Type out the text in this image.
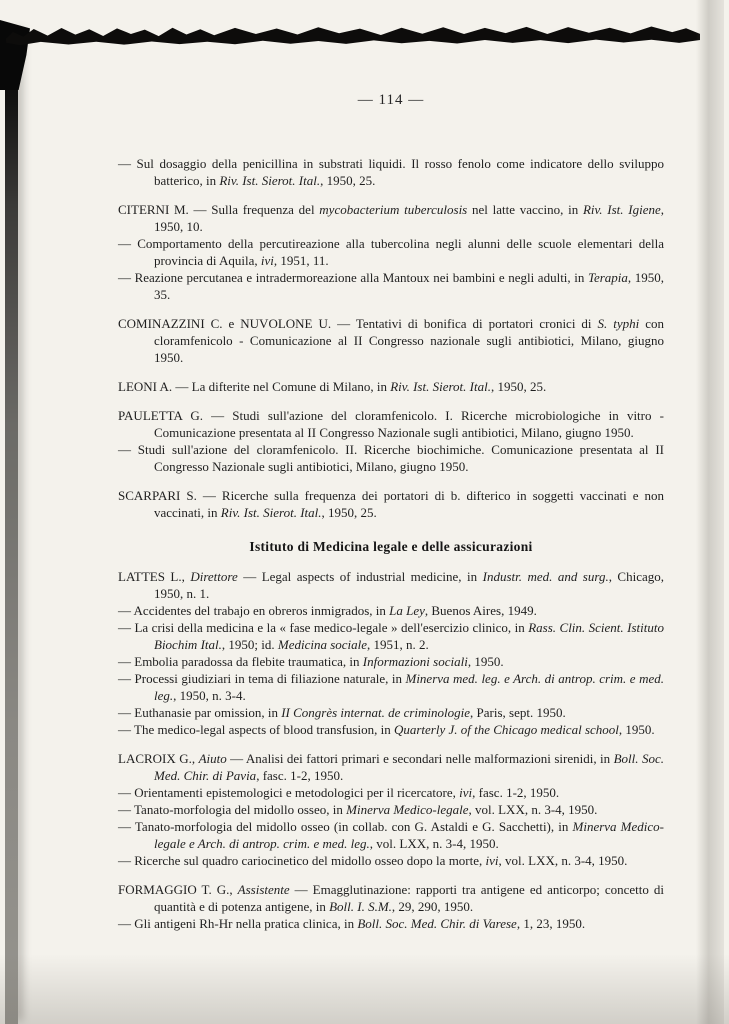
— 114 —

— Sul dosaggio della penicillina in substrati liquidi. Il rosso fenolo come indicatore dello sviluppo batterico, in Riv. Ist. Sierot. Ital., 1950, 25.

CITERNI M. — Sulla frequenza del mycobacterium tuberculosis nel latte vaccino, in Riv. Ist. Igiene, 1950, 10.

— Comportamento della percutireazione alla tubercolina negli alunni delle scuole elementari della provincia di Aquila, ivi, 1951, 11.

— Reazione percutanea e intradermoreazione alla Mantoux nei bambini e negli adulti, in Terapia, 1950, 35.

COMINAZZINI C. e NUVOLONE U. — Tentativi di bonifica di portatori cronici di S. typhi con cloramfenicolo - Comunicazione al II Congresso nazionale sugli antibiotici, Milano, giugno 1950.

LEONI A. — La difterite nel Comune di Milano, in Riv. Ist. Sierot. Ital., 1950, 25.

PAULETTA G. — Studi sull'azione del cloramfenicolo. I. Ricerche microbiologiche in vitro - Comunicazione presentata al II Congresso Nazionale sugli antibiotici, Milano, giugno 1950.

— Studi sull'azione del cloramfenicolo. II. Ricerche biochimiche. Comunicazione presentata al II Congresso Nazionale sugli antibiotici, Milano, giugno 1950.

SCARPARI S. — Ricerche sulla frequenza dei portatori di b. difterico in soggetti vaccinati e non vaccinati, in Riv. Ist. Sierot. Ital., 1950, 25.

Istituto di Medicina legale e delle assicurazioni

LATTES L., Direttore — Legal aspects of industrial medicine, in Industr. med. and surg., Chicago, 1950, n. 1.

— Accidentes del trabajo en obreros inmigrados, in La Ley, Buenos Aires, 1949.

— La crisi della medicina e la « fase medico-legale » dell'esercizio clinico, in Rass. Clin. Scient. Istituto Biochim Ital., 1950; id. Medicina sociale, 1951, n. 2.

— Embolia paradossa da flebite traumatica, in Informazioni sociali, 1950.

— Processi giudiziari in tema di filiazione naturale, in Minerva med. leg. e Arch. di antrop. crim. e med. leg., 1950, n. 3-4.

— Euthanasie par omission, in II Congrès internat. de criminologie, Paris, sept. 1950.

— The medico-legal aspects of blood transfusion, in Quarterly J. of the Chicago medical school, 1950.

LACROIX G., Aiuto — Analisi dei fattori primari e secondari nelle malformazioni sirenidi, in Boll. Soc. Med. Chir. di Pavia, fasc. 1-2, 1950.

— Orientamenti epistemologici e metodologici per il ricercatore, ivi, fasc. 1-2, 1950.

— Tanato-morfologia del midollo osseo, in Minerva Medico-legale, vol. LXX, n. 3-4, 1950.

— Tanato-morfologia del midollo osseo (in collab. con G. Astaldi e G. Sacchetti), in Minerva Medico-legale e Arch. di antrop. crim. e med. leg., vol. LXX, n. 3-4, 1950.

— Ricerche sul quadro cariocinetico del midollo osseo dopo la morte, ivi, vol. LXX, n. 3-4, 1950.

FORMAGGIO T. G., Assistente — Emagglutinazione: rapporti tra antigene ed anticorpo; concetto di quantità e di potenza antigene, in Boll. I. S.M., 29, 290, 1950.

— Gli antigeni Rh-Hr nella pratica clinica, in Boll. Soc. Med. Chir. di Varese, 1, 23, 1950.
